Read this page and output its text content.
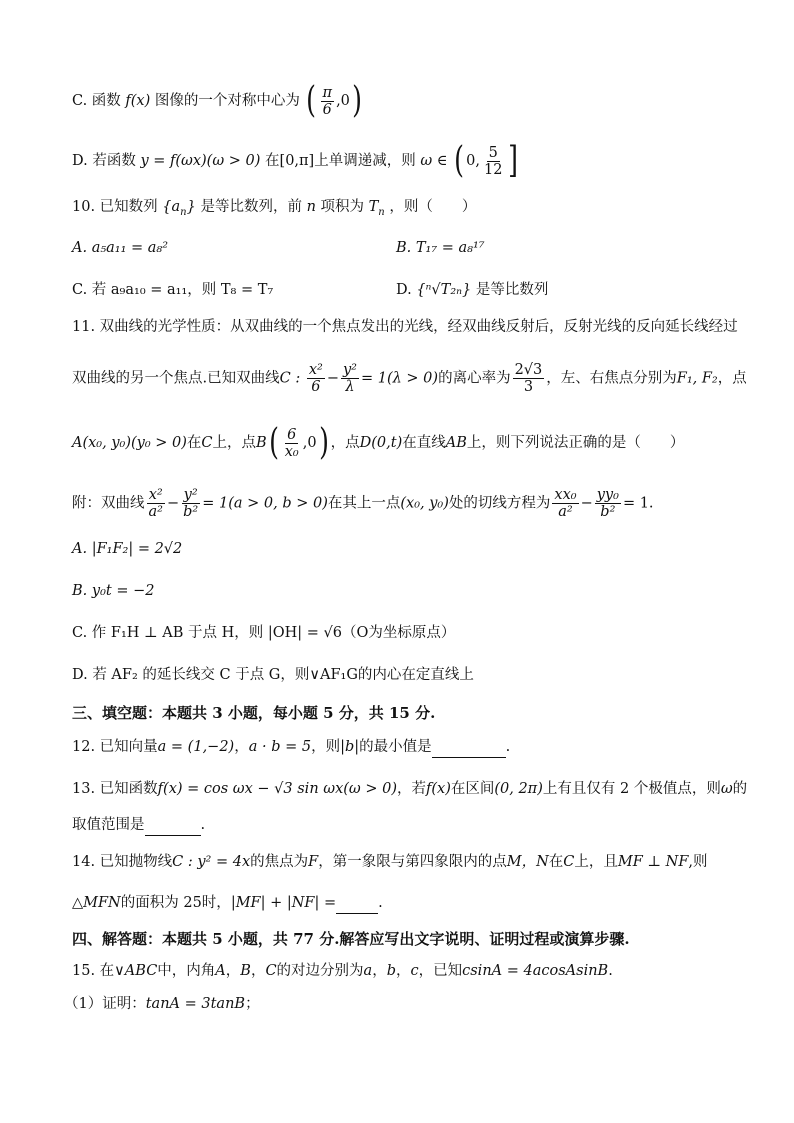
C. 函数 f(x) 图像的一个对称中心为 ( $\frac{\pi}{6} ,0$)
D. 若函数 y = f(ωx)(ω > 0) 在[0,π]上单调递减，则 ω ∈ ( 0, $\frac{5}{12}$ ]
10. 已知数列 $\{a_n\}$ 是等比数列，前 n 项积为 $T_n$ ，则（　　）
A. a₅a₁₁ = a₈²	B. T₁₇ = a₈¹⁷
C. 若 a₉a₁₀ = a₁₁，则 T₈ = T₇	D. {ⁿ√T₂ₙ} 是等比数列
11. 双曲线的光学性质：从双曲线的一个焦点发出的光线，经双曲线反射后，反射光线的反向延长线经过
双曲线的另一个焦点.已知双曲线C : $\frac{\text{x²}}{6} - \frac{\text{y²}}{\lambda} = 1(\lambda > 0)$的离心率为 $\frac{2√3}{3}$ ，左、右焦点分别为F₁, F₂，点
A(x₀, y₀)(y₀ > 0)在C上，点$B( \frac{6}{\text{x₀}} ,0)$ ，点D(0,t)在直线AB上，则下列说法正确的是（　　）
附：双曲线 $\frac{\text{x²}}{\text{a²}} - \frac{\text{y²}}{\text{b²}} = 1(a > 0$, b > 0)在其上一点(x₀, y₀)处的切线方程为 $\frac{\text{xx₀}}{\text{a²}} - \frac{\text{yy₀}}{\text{b²}} = 1$.
A. |F₁F₂| = 2√2
B. y₀t = −2
C. 作 F₁H ⊥ AB 于点 H，则 |OH| = √6（O为坐标原点）
D. 若 AF₂ 的延长线交 C 于点 G，则∨AF₁G的内心在定直线上
三、填空题：本题共 3 小题，每小题 5 分，共 15 分.
12. 已知向量a = (1,−2)，a · b = 5，则|b|的最小值是	.
13. 已知函数f(x) = cos ωx − √3 sin ωx(ω > 0)，若f(x)在区间(0, 2π)上有且仅有 2 个极值点，则ω的
取值范围是	.
14. 已知抛物线C : y² = 4x的焦点为F，第一象限与第四象限内的点M，N在C上，且MF ⊥ NF,则
△MFN的面积为 25时，|MF| + |NF| =	.
四、解答题：本题共 5 小题，共 77 分.解答应写出文字说明、证明过程或演算步骤.
15. 在∨ABC中，内角A，B，C的对边分别为a，b，c，已知csinA = 4acosAsinB.
（1）证明：tanA = 3tanB；
